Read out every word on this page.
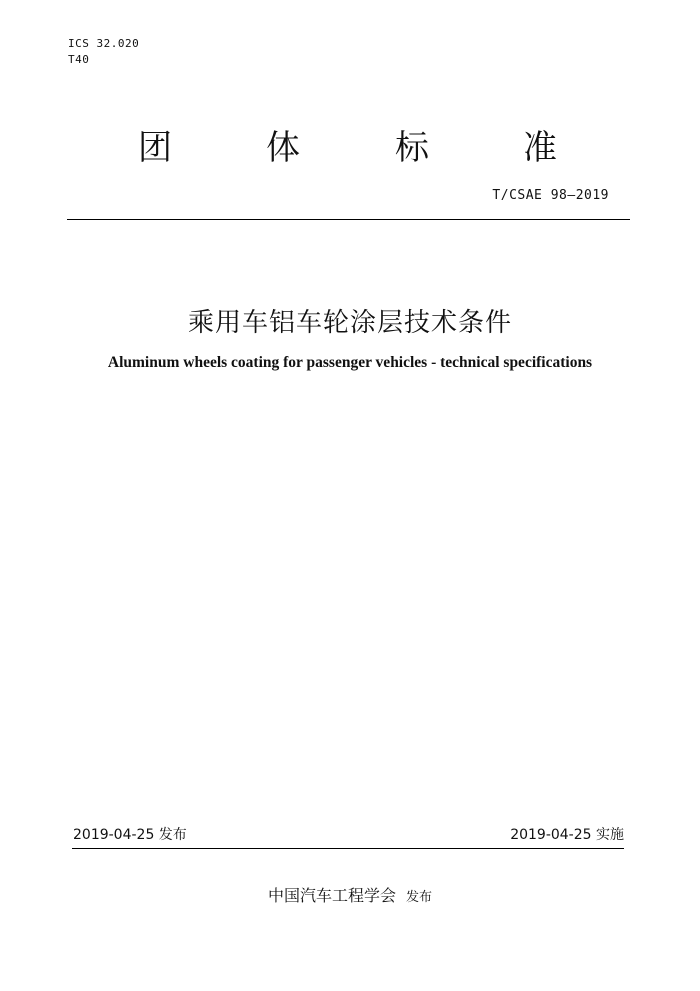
ICS 32.020
T40
团	体	标	准
T/CSAE 98—2019
乘用车铝车轮涂层技术条件
Aluminum wheels coating for passenger vehicles - technical specifications
2019-04-25 发布	2019-04-25 实施
中国汽车工程学会 发布
